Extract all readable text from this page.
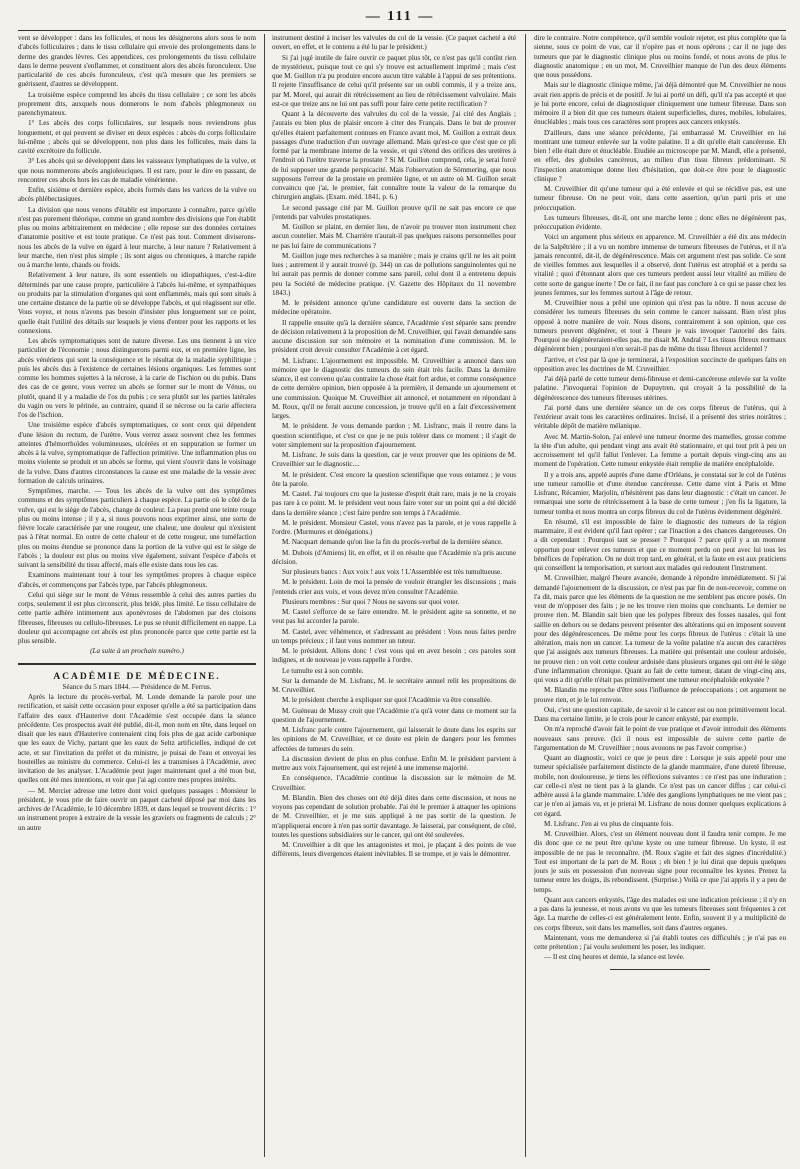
— 111 —

vent se développer : dans les follicules, et nous les désignerons alors sous le nom d'abcès folliculaires ; dans le tissu cellulaire qui envoie des prolongements dans le derme des grandes lèvres. Ces appendices, ces prolongements du tissu cellulaire dans le derme peuvent s'enflammer, et constituent alors des abcès furonculeux. Une particularité de ces abcès furonculeux, c'est qu'à mesure que les premiers se guérissent, d'autres se développent.

La troisième espèce comprend les abcès du tissu cellulaire ; ce sont les abcès proprement dits, auxquels nous donnerons le nom d'abcès phlegmoneux ou parenchymateux.

1° Les abcès des corps folliculaires, sur lesquels nous reviendrons plus longuement, et qui peuvent se diviser en deux espèces : abcès du corps folliculaire lui-même ; abcès qui se développent, non plus dans les follicules, mais dans la cavité excrétoire du follicule.

3° Les abcès qui se développent dans les vaisseaux lymphatiques de la vulve, et que nous nommerons abcès angioleuciques. Il est rare, pour le dire en passant, de rencontrer ces abcès hors les cas de maladie vénérienne.

Enfin, sixième et dernière espèce, abcès formés dans les varices de la vulve ou abcès phlébectasiques.

La division que nous venons d'établir est importante à connaître, parce qu'elle n'est pas purement théorique, comme un grand nombre des divisions que l'on établit plus ou moins arbitrairement en médecine ; elle repose sur des données certaines d'anatomie positive et est toute pratique. Ce n'est pas tout. Comment diviserons-nous les abcès de la vulve en égard à leur marche, à leur nature ? Relativement à leur marche, rien n'est plus simple ; ils sont aigus ou chroniques, à marche rapide ou à marche lente, chauds ou froids.

Relativement à leur nature, ils sont essentiels ou idiopathiques, c'est-à-dire déterminés par une cause propre, particulière à l'abcès lui-même, et sympathiques ou produits par la stimulation d'organes qui sont enflammés, mais qui sont situés à une certaine distance de la partie où se développe l'abcès, et qui réagissent sur elle. Vous voyez, et nous n'avons pas besoin d'insister plus longuement sur ce point, quelle était l'utilité des détails sur lesquels je viens d'entrer pour les rapports et les connexions.

Les abcès symptomatiques sont de nature diverse. Les uns tiennent à un vice particulier de l'économie ; nous distinguerons parmi eux, et en première ligne, les abcès vénériens qui sont la conséquence et le résultat de la maladie syphilitique ; puis les abcès dus à l'existence de certaines lésions organiques. Les femmes sont comme les hommes sujettes à la nécrose, à la carie de l'ischion ou du pubis. Dans des cas de ce genre, vous verrez un abcès se former sur le mont de Vénus, ou plutôt, quand il y a maladie de l'os du pubis ; ce sera plutôt sur les parties latérales du vagin ou vers le périnée, au contraire, quand il se nécrose ou la carie affectera l'os de l'ischion.

Une troisième espèce d'abcès symptomatiques, ce sont ceux qui dépendent d'une lésion du rectum, de l'urètre. Vous verrez assez souvent chez les femmes atteintes d'hémorrhoïdes volumineuses, ulcérées et en suppuration se former un abcès à la vulve, symptomatique de l'affection primitive. Une inflammation plus ou moins violente se produit et un abcès se forme, qui vient s'ouvrir dans le voisinage de la vulve. Dans d'autres circonstances la cause est une maladie de la vessie avec formation de calculs urinaires.

Symptômes, marche. — Tous les abcès de la vulve ont des symptômes communs et des symptômes particuliers à chaque espèce. La partie où le côté de la vulve, qui est le siège de l'abcès, change de couleur. La peau prend une teinte rouge plus ou moins intense ; il y a, si nous pouvons nous exprimer ainsi, une sorte de fièvre locale caractérisée par une rougeur, une chaleur, une douleur qui n'existent pas à l'état normal. En outre de cette chaleur et de cette rougeur, une tuméfaction plus ou moins étendue se prononce dans la portion de la vulve qui est le siège de l'abcès ; la douleur est plus ou moins vive également, suivant l'espèce d'abcès et suivant la sensibilité du tissu affecté, mais elle existe dans tous les cas.

Examinons maintenant tour à tour les symptômes propres à chaque espèce d'abcès, et commençons par l'abcès type, par l'abcès phlegmoneux.

Celui qui siège sur le mont de Vénus ressemble à celui des autres parties du corps, seulement il est plus circonscrit, plus bridé, plus limité. Le tissu cellulaire de cette partie adhère intimement aux aponévroses de l'abdomen par des cloisons fibreuses, fibreuses ou cellulo-fibreuses. Le pus se réunit difficilement en nappe. La douleur qui accompagne cet abcès est plus prononcée parce que cette partie est la plus sensible.

(La suite à un prochain numéro.)

ACADÉMIE DE MÉDECINE.

Séance du 5 mars 1844. — Présidence de M. Ferrus.

Après la lecture du procès-verbal, M. Londe demande la parole pour une rectification, et saisit cette occasion pour exposer qu'elle a été sa participation dans l'affaire des eaux d'Hauterive dont l'Académie s'est occupée dans la séance précédente. Ces prospectus avait été publié, dit-il, mon nom en tête, dans lequel on disait que les eaux d'Hauterive contenaient cinq fois plus de gaz acide carbonique que les eaux de Vichy, partant que les eaux de Seltz artificielles, indiqué de cet acte, et sur l'invitation du préfet et du ministre, je puisai de l'eau et envoyai les bouteilles au ministre du commerce. Celui-ci les a transmises à l'Académie, avec invitation de les analyser. L'Académie peut juger maintenant quel a été mon but, quelles ont été mes intentions, et voir que j'ai agi contre mes propres intérêts.

— M. Mercier adresse une lettre dont voici quelques passages : Monsieur le président, je vous prie de faire ouvrir un paquet cacheté déposé par moi dans les archives de l'Académie, le 10 décembre 1839, et dans lequel se trouvent décrits : 1° un instrument propre à extraire de la vessie les graviers ou fragments de calculs ; 2° un autre

instrument destiné à inciser les valvules du col de la vessie. (Ce paquet cacheté a été ouvert, en effet, et le contenu a été lu par le président.)

Si j'ai jugé inutile de faire ouvrir ce paquet plus tôt, ce n'est pas qu'il contînt rien de mystérieux, puisque tout ce qui s'y trouve est actuellement imprimé ; mais c'est que M. Guillon n'a pu produire encore aucun titre valable à l'appui de ses prétentions. Il rejette l'insuffisance de celui qu'il présente sur un oubli commis, il y a treize ans, par M. Morel, qui aurait dit rétrécissement au lieu de rétrécissement valvulaire. Mais est-ce que treize ans ne lui ont pas suffi pour faire cette petite rectification ?

Quant à la découverte des valvules du col de la vessie, j'ai cité des Anglais ; j'aurais eu bien plus de plaisir encore à citer des Français. Dans le but de prouver qu'elles étaient parfaitement connues en France avant moi, M. Guillon a extrait deux passages d'une traduction d'un ouvrage allemand. Mais qu'est-ce que c'est que ce pli formé par la membrane interne de la vessie, et qui s'étend des orifices des uretères à l'endroit où l'urètre traverse la prostate ? Si M. Guillon comprend, cela, je serai forcé de lui supposer une grande perspicacité. Mais l'observation de Sömmering, que nous supposons l'erreur de la prostate en première ligne, et un autre où M. Guillon serait convaincu que j'ai, le premier, fait connaître toute la valeur de la remarque du chirurgien anglais. (Exam. méd. 1841, p. 6.)

Le second passage cité par M. Guillon prouve qu'il ne sait pas encore ce que j'entends par valvules prostatiques.

M. Guillon se plaint, en dernier lieu, de n'avoir pu trouver mon instrument chez aucun coutelier. Mais M. Charrière n'aurait-il pas quelques raisons personnelles pour ne pas lui faire de communications ?

M. Guillon juge mes recherches à sa manière ; mais je crains qu'il ne les ait point lues ; autrement il y aurait trouvé (p. 344) un cas de pollutions sanguinolentes qui ne lui aurait pas permis de donner comme sans pareil, celui dont il a entretenu depuis peu la Société de médecine pratique. (V. Gazette des Hôpitaux du 11 novembre 1843.)

M. le président annonce qu'une candidature est ouverte dans la section de médecine opératoire.

Il rappelle ensuite qu'à la dernière séance, l'Académie s'est séparée sans prendre de décision relativement à la proposition de M. Cruveilhier, qui l'avait demandée sans aucune discussion sur son mémoire et la nomination d'une commission. M. le président croit devoir consulter l'Académie à cet égard.

M. Lisfranc. L'ajournement est impossible. M. Cruveilhier a annoncé dans son mémoire que le diagnostic des tumeurs du sein était très facile. Dans la dernière séance, il est convenu qu'au contraire la chose était fort ardue, et comme conséquence de cette dernière opinion, bien opposée à la première, il demande un ajournement et une commission. Quoique M. Cruveilhier ait annoncé, et notamment en répondant à M. Roux, qu'il ne ferait aucune concession, je trouve qu'il en a fait d'excessivement larges.

M. le président. Je vous demande pardon ; M. Lisfranc, mais il rentre dans la question scientifique, et c'est ce que je ne puis tolérer dans ce moment ; il s'agit de voter simplement sur la proposition d'ajournement.

M. Lisfranc. Je suis dans la question, car je veux prouver que les opinions de M. Cruveilhier sur le diagnostic....

M. le président. C'est encore la question scientifique que vous entamez ; je vous ôte la parole.

M. Castel. J'ai toujours cru que la justesse d'esprit était rare, mais je ne la croyais pas rare à ce point. M. le président veut nous faire voter sur un point qui a été décidé dans la dernière séance ; c'est faire perdre son temps à l'Académie.

M. le président. Monsieur Castel, vous n'avez pas la parole, et je vous rappelle à l'ordre. (Murmures et dénégations.)

M. Nacquart demande qu'on lise la fin du procès-verbal de la dernière séance.

M. Dubois (d'Amiens) lit, en effet, et il en résulte que l'Académie n'a pris aucune décision.

Sur plusieurs bancs : Aux voix ! aux voix ! L'Assemblée est très tumultueuse.

M. le président. Loin de moi la pensée de vouloir étrangler les discussions ; mais j'entends crier aux voix, et vous devez m'en consulter l'Académie.

Plusieurs membres : Sur quoi ? Nous ne savons sur quoi voter.

M. Castel s'efforce de se faire entendre. M. le président agite sa sonnette, et ne veut pas lui accorder la parole.

M. Castel, avec véhémence, et s'adressant au président : Vous nous faites perdre un temps précieux ; il faut vous nommer un tuteur.

M. le président. Allons donc ! c'est vous qui en avez besoin ; ces paroles sont indignes, et de nouveau je vous rappelle à l'ordre.

Le tumulte est à son comble.

Sur la demande de M. Lisfranc, M. le secrétaire annuel relit les propositions de M. Cruveilhier.

M. le président cherche à expliquer sur quoi l'Académie va être consultée.

M. Guéneau de Mussy croit que l'Académie n'a qu'à voter dans ce moment sur la question de l'ajournement.

M. Lisfranc parle contre l'ajournement, qui laisserait le doute dans les esprits sur les opinions de M. Cruveilhier, et ce doute est plein de dangers pour les femmes affectées de tumeurs du sein.

La discussion devient de plus en plus confuse. Enfin M. le président parvient à mettre aux voix l'ajournement, qui est rejeté à une immense majorité.

En conséquence, l'Académie continue la discussion sur le mémoire de M. Cruveilhier.

M. Blandin. Bien des choses ont été déjà dites dans cette discussion, et nous ne voyons pas cependant de solution probable. J'ai été le premier à attaquer les opinions de M. Cruveilhier, et je me suis appliqué à ne pas sortir de la question. Je m'appliquerai encore à n'en pas sortir davantage. Je laisserai, par conséquent, de côté, toutes les questions subsidiaires sur le cancer, qui ont été soulevées.

M. Cruveilhier a dit que les antagonistes et moi, je plaçant à des points de vue différents, leurs divergences étaient inévitables. Il se trompe, et je vais le démontrer.

dire le contraire. Notre compétence, qu'il semble vouloir rejeter, est plus complète que la sienne, sous ce point de vue, car il n'opère pas et nous opérons ; car il ne juge des tumeurs que par le diagnostic clinique plus ou moins fondé, et nous avons de plus le diagnostic anatomique ; en un mot, M. Cruveilhier manque de l'un des deux éléments que nous possédons.

Mais sur le diagnostic clinique même, j'ai déjà démontré que M. Cruveilhier ne nous avait rien appris de précis et de positif. Je lui ai porté un défi, qu'il n'a pas accepté et que je lui porte encore, celui de diagnostiquer cliniquement une tumeur fibreuse. Dans son mémoire il a bien dit que ces tumeurs étaient superficielles, dures, mobiles, lobulaires, énucléables ; mais tous ces caractères sont propres aux cancers enkystés.

D'ailleurs, dans une séance précédente, j'ai embarrassé M. Cruveilhier en lui montrant une tumeur enlevée sur la voûte palatine. Il a dit qu'elle était cancéreuse. Eh bien ! elle était dure et énucléable. Etudiée au microscope par M. Mandl, elle a présenté, en effet, des globules cancéreux, au milieu d'un tissu fibreux prédominant. Si l'inspection anatomique donne lieu d'hésitation, que doit-ce être pour le diagnostic clinique ?

M. Cruveilhier dit qu'une tumeur qui a été enlevée et qui se récidive pas, est une tumeur fibreuse. On ne peut voir, dans cette assertion, qu'un parti pris et une préoccupation.

Les tumeurs fibreuses, dit-il, ont une marche lente ; donc elles ne dégénèrent pas, préoccupation évidente.

Voici un argument plus sérieux en apparence. M. Cruveilhier a été dix ans médecin de la Salpêtrière ; il a vu un nombre immense de tumeurs fibreuses de l'utérus, et il n'a jamais rencontré, dit-il, de dégénérescence. Mais cet argument n'est pas solide. Ce sont de vieilles femmes aux lesquelles il a observé, dont l'utérus est atrophié et a perdu sa vitalité ; quoi d'étonnant alors que ces tumeurs perdent aussi leur vitalité au milieu de cette sorte de gangue inerte ! De ce fait, il ne faut pas conclure à ce qui se passe chez les jeunes femmes, sur les femmes surtout à l'âge de retour.

M. Cruveilhier nous a prêté une opinion qui n'est pas la nôtre. Il nous accuse de considérer les tumeurs fibreuses du sein comme le cancer naissant. Rien n'est plus opposé à notre manière de voir. Nous disons, contrairement à son opinion, que ces tumeurs peuvent dégénérer, et tout à l'heure je vais invoquer l'autorité des faits. Pourquoi ne dégénéreraient-elles pas, me disait M. Andral ? Les tissus fibreux normaux dégénèrent bien ; pourquoi n'en serait-il pas de même du tissu fibreux accidentel ?

J'arrive, et c'est par là que je terminerai, à l'exposition succincte de quelques faits en opposition avec les doctrines de M. Cruveilhier.

J'ai déjà parlé de cette tumeur demi-fibreuse et demi-cancéreuse enlevée sur la voûte palatine. J'invoquerai l'opinion de Dupuytren, qui croyait à la possibilité de la dégénérescence des tumeurs fibreuses utérines.

J'ai porté dans une dernière séance un de ces corps fibreux de l'utérus, qui à l'extérieur avait tous les caractères ordinaires. Incisé, il a présenté des stries noirâtres ; véritable dépôt de matière mélanique.

Avec M. Martin-Solon, j'ai enlevé une tumeur énorme des mamelles, grosse comme la tête d'un adulte, qui pendant vingt ans avait été stationnaire, et qui tout prit à peu un accroissement tel qu'il fallut l'enlever. La femme a portait depuis vingt-cinq ans au moment de l'opération. Cette tumeur enkystée était remplie de matière encéphaloïde.

Il y a trois ans, appelé auprès d'une dame d'Orléans, je constatai sur le col de l'utérus une tumeur ramollie et d'une étendue cancéreuse. Cette dame vint à Paris et Mme Lisfranc, Récamier, Marjolin, n'hésitèrent pas dans leur diagnostic : c'était un cancer. Je remarquai une sorte de rétrécissement à la base de cette tumeur ; j'en fis la ligature, la tumeur tomba et nous montra un corps fibreux du col de l'utérus évidemment dégénéré.

En résumé, s'il est impossible de faire le diagnostic des tumeurs de la région mammaire, il est évident qu'il faut opérer ; car l'inaction a des chances dangereuses. On a dit cependant : Pourquoi tant se presser ? Pourquoi ? parce qu'il y a un moment opportun pour enlever ces tumeurs et que ce moment perdu on peut avec lui tous les bénéfices de l'opération. On ne doit trop tard, en général, et la faute en est aux praticiens qui conseillent la temporisation, et surtout aux malades qui redoutent l'instrument.

M. Cruveilhier, malgré l'heure avancée, demande à répondre immédiatement. Si j'ai demandé l'ajournement de la discussion, ce n'est pas par fin de non-recevoir, comme on l'a dit, mais parce que les éléments de la question ne me semblent pas encore posés. On veut de m'opposer des faits ; je ne les trouve rien moins que concluants. Le dernier ne prouve rien. M. Blandin sait bien que les polypes fibreux des fosses nasales, qui font saillie en dehors ou se dedans peuvent présenter des altérations qui en imposent souvent pour des dégénérescences. De même pour les corps fibreux de l'utérus : c'était là une altération, mais non un cancer. La tumeur de la voûte palatine n'a aucun des caractères que j'ai assignés aux tumeurs fibreuses. La matière qui présentait une couleur ardoisée, ne prouve rien : on voit cette couleur ardoisée dans plusieurs organes qui ont été le siège d'une inflammation chronique. Quant au fait de cette tumeur, datant de vingt-cinq ans, qui vous a dit qu'elle n'était pas primitivement une tumeur encéphaloïde enkystée ?

M. Blandin me reproche d'être sous l'influence de préoccupations ; cet argument ne prouve rien, et je le lui renvoie.

Oui, c'est une question capitale, de savoir si le cancer est ou non primitivement local. Dans ma certaine limite, je le crois pour le cancer enkysté, par exemple.

On m'a reproché d'avoir fait le point de vue pratique et d'avoir introduit des éléments nouveaux sans preuve. (Ici il nous est impossible de suivre cette partie de l'argumentation de M. Cruveilhier ; nous avouons ne pas l'avoir comprise.)

Quant au diagnostic, voici ce que je peux dire : Lorsque je suis appelé pour une tumeur spécialisée parfaitement distincte de la glande mammaire, d'une dureté fibreuse, mobile, non douloureuse, je tiens les réflexions suivantes : ce n'est pas une induration ; car celle-ci n'est ne tient pas à la glande. Ce n'est pas un cancer diffus ; car celui-ci adhère aussi à la glande mammaire. L'idée des ganglions lymphatiques ne me vient pas ; car je n'en ai jamais vu, et je prierai M. Lisfranc de nous donner quelques explications à cet égard.

M. Lisfranc. J'en ai vu plus de cinquante fois.

M. Cruveilhier. Alors, c'est un élément nouveau dont il faudra tenir compte. Je me dis donc que ce ne peut être qu'une kyste ou une tumeur fibreuse. Un kyste, il est impossible de ne pas le reconnaître. (M. Roux s'agite et fait des signes d'incrédulité.) Tout est important de la part de M. Roux ; eh bien ! je lui dirai que depuis quelques jours je suis en possession d'un nouveau signe pour reconnaître les kystes. Prenez la tumeur entre les doigts, ils rebondissent. (Surprise.) Voilà ce que j'ai appris il y a peu de temps.

Quant aux cancers enkystés, l'âge des malades est une indication précieuse ; il n'y en a pas dans la jeunesse, et nous avons vu que les tumeurs fibreuses sont fréquentes à cet âge. La marche de celles-ci est généralement lente. Enfin, souvent il y a multiplicité de ces corps fibreux, soit dans les mamelles, soit dans d'autres organes.

Maintenant, vous me demanderez si j'ai établi toutes ces difficultés ; je n'ai pas eu cette prétention ; j'ai voulu seulement les poser, les indiquer.

— Il est cinq heures et demie, la séance est levée.
